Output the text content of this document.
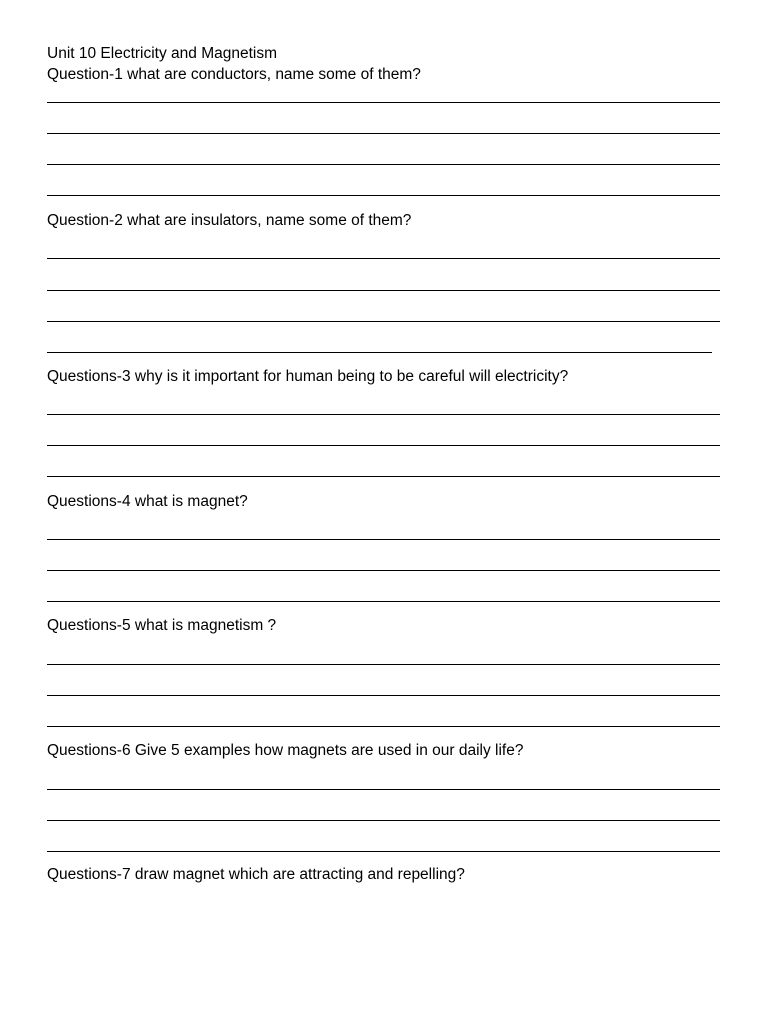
Unit 10 Electricity and Magnetism
Question-1 what are conductors, name some of them?
Question-2 what are insulators, name some of them?
Questions-3 why is it important for human being to be careful will electricity?
Questions-4 what is magnet?
Questions-5 what is magnetism ?
Questions-6 Give 5 examples how magnets are used in our daily life?
Questions-7 draw magnet which are attracting and repelling?
